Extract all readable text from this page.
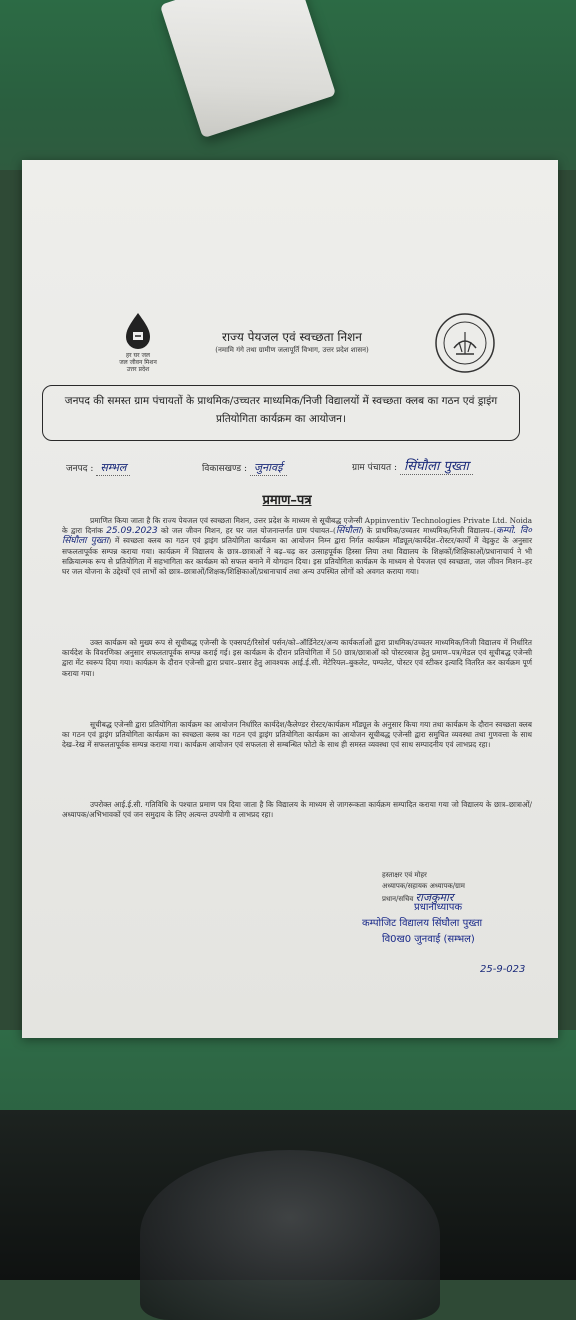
हर घर जल
जल जीवन मिशन
उत्तर प्रदेश
राज्य पेयजल एवं स्वच्छता निशन
(नमामि गंगे तथा ग्रामीण जलापूर्ति विभाग, उत्तर प्रदेश शासन)
जनपद की समस्त ग्राम पंचायतों के प्राथमिक/उच्चतर माध्यमिक/निजी विद्यालयों में स्वच्छता क्लब का गठन एवं ड्राइंग प्रतियोगिता कार्यक्रम का आयोजन।
जनपद : सम्भल	विकासखण्ड : जुनावई	ग्राम पंचायत : सिंघौला पुख्ता
प्रमाण–पत्र
प्रमाणित किया जाता है कि राज्य पेयजल एवं स्वच्छता मिशन, उत्तर प्रदेश के माध्यम से सूचीबद्ध एजेन्सी Appinventiv Technologies Private Ltd. Noida के द्वारा दिनांक 25.09.2023 को जल जीवन मिशन, हर घर जल योजनान्तर्गत ग्राम पंचायत–(सिंघौला) के प्राथमिक/उच्चतर माध्यमिक/निजी विद्यालय–(कम्पो. वि० सिंघौला पुख्ता) में स्वच्छता क्लब का गठन एवं ड्राइंग प्रतियोगिता कार्यक्रम का आयोजन निम्न द्वारा निर्गत कार्यक्रम मॉड्यूल/कार्यदेश–रोस्टर/कार्यों में वेइकुट के अनुसार सफलतापूर्वक सम्पन्न कराया गया। कार्यक्रम में विद्यालय के छात्र–छात्राओं ने बढ़–चढ़ कर उत्साहपूर्वक हिस्सा लिया तथा विद्यालय के शिक्षकों/शिक्षिकाओं/प्रधानाचार्य ने भी सक्रियात्मक रूप से प्रतियोगिता में सहभागिता कर कार्यक्रम को सफल बनाने में योगदान दिया। इस प्रतियोगिता कार्यक्रम के माध्यम से पेयजल एवं स्वच्छता, जल जीवन मिशन–हर घर जल योजना के उद्देश्यों एवं लाभों को छात्र–छात्राओं/शिक्षक/शिक्षिकाओं/प्रधानाचार्य तथा अन्य उपस्थित लोगों को अवगत कराया गया।
उक्त कार्यक्रम को मुख्य रूप से सूचीबद्ध एजेन्सी के एक्सपर्ट/रिसोर्स पर्सन/को–ऑर्डिनेटर/अन्य कार्यकर्ताओं द्वारा प्राथमिक/उच्चतर माध्यमिक/निजी विद्यालय में निर्धारित कार्यदेश के विवरणिका अनुसार सफलतापूर्वक सम्पन्न कराई गई। इस कार्यक्रम के दौरान प्रतियोगिता में 50 छात्र/छात्राओं को पोस्टरबाज हेतु प्रमाण–पत्र/मेडल एवं सूचीबद्ध एजेन्सी द्वारा मेंट स्वरूप दिया गया। कार्यक्रम के दौरान एजेन्सी द्वारा प्रचार–प्रसार हेतु आवश्यक आई.ई.सी. मेटेरियल–बुकलेट, पम्पलेट, पोस्टर एवं स्टीकर इत्यादि वितरित कर कार्यक्रम पूर्ण कराया गया।
सूचीबद्ध एजेन्सी द्वारा प्रतियोगिता कार्यक्रम का आयोजन निर्धारित कार्यदेश/कैलेण्डर रोस्टर/कार्यक्रम मॉड्यूल के अनुसार किया गया तथा कार्यक्रम के दौरान स्वच्छता क्लब का गठन एवं ड्राइंग प्रतियोगिता कार्यक्रम का स्वच्छता क्लब का गठन एवं ड्राइंग प्रतियोगिता कार्यक्रम का आयोजन सूचीबद्ध एजेन्सी द्वारा समुचित व्यवस्था तथा गुणवत्ता के साथ देख–रेख में सफलतापूर्वक सम्पन्न कराया गया। कार्यक्रम आयोजन एवं सफलता से सम्बन्धित फोटो के साथ ही समस्त व्यवस्था एवं साथ सम्पादनीय एवं लाभप्रद रहा।
उपरोक्त आई.ई.सी. गतिविधि के पश्चात प्रमाण पत्र दिया जाता है कि विद्यालय के माध्यम से जागरूकता कार्यक्रम सम्पादित कराया गया जो विद्यालय के छात्र–छात्राओं/अध्यापक/अभिभावकों एवं जन समुदाय के लिए अत्यन्त उपयोगी व लाभप्रद रहा।
हस्ताक्षर एवं मोहर
अध्यापक/सहायक अध्यापक/ग्राम
प्रधान/सचिव राजकुमार
प्रधानाध्यापक
कम्पोजिट विद्यालय सिंघौला पुख्ता
वि0ख0 जुनवाई (सम्भल)
25-9-023
